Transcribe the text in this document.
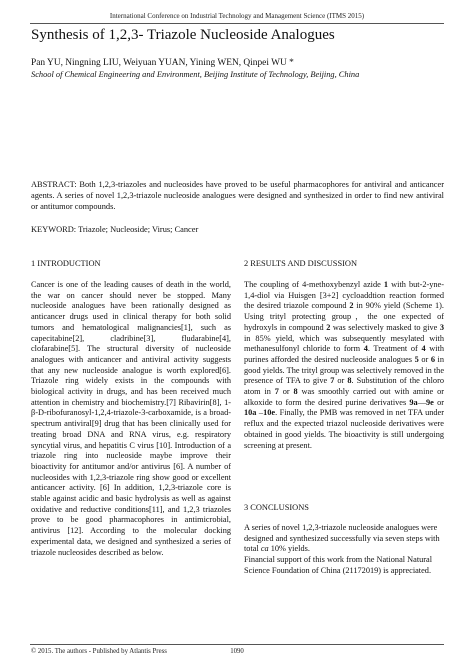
International Conference on Industrial Technology and Management Science (ITMS 2015)
Synthesis of 1,2,3- Triazole Nucleoside Analogues
Pan YU, Ningning LIU, Weiyuan YUAN, Yining WEN, Qinpei WU *
School of Chemical Engineering and Environment, Beijing Institute of Technology, Beijing, China
ABSTRACT: Both 1,2,3-triazoles and nucleosides have proved to be useful pharmacophores for antiviral and anticancer agents. A series of novel 1,2,3-triazole nucleoside analogues were designed and synthesized in order to find new antiviral or antitumor compounds.
KEYWORD: Triazole; Nucleoside; Virus; Cancer
1 INTRODUCTION	2 RESULTS AND DISCUSSION
3 CONCLUSIONS

Cancer is one of the leading causes of death in the world, the war on cancer should never be stopped. Many nucleoside analogues have been rationally designed as anticancer drugs used in clinical therapy for both solid tumors and hematological malignancies[1], such as capecitabine[2], cladribine[3], fludarabine[4], clofarabine[5]. The structural diversity of nucleoside analogues with anticancer and antiviral activity suggests that any new nucleoside analogue is worth explored[6]. Triazole ring widely exists in the compounds with biological activity in drugs, and has been received much attention in chemistry and biochemistry.[7] Ribavirin[8], 1-β-D-ribofuranosyl-1,2,4-triazole-3-carboxamide, is a broad-spectrum antiviral[9] drug that has been clinically used for treating broad DNA and RNA virus, e.g. respiratory syncytial virus, and hepatitis C virus [10]. Introduction of a triazole ring into nucleoside maybe improve their bioactivity for antitumor and/or antivirus [6]. A number of nucleosides with 1,2,3-triazole ring show good or excellent anticancer activity. [6] In addition, 1,2,3-triazole core is stable against acidic and basic hydrolysis as well as against oxidative and reductive conditions[11], and 1,2,3 triazoles prove to be good pharmacophores in antimicrobial, antivirus [12]. According to the molecular docking experimental data, we designed and synthesized a series of triazole nucleosides described as below.

The coupling of 4-methoxybenzyl azide 1 with but-2-yne-1,4-diol via Huisgen [3+2] cycloaddtion reaction formed the desired triazole compound 2 in 90% yield (Scheme 1). Using trityl protecting group，the one expected of hydroxyls in compound 2 was selectively masked to give 3 in 85% yield, which was subsequently mesylated with methanesulfonyl chloride to form 4. Treatment of 4 with purines afforded the desired nucleoside analogues 5 or 6 in good yields. The trityl group was selectively removed in the presence of TFA to give 7 or 8. Substitution of the chloro atom in 7 or 8 was smoothly carried out with amine or alkoxide to form the desired purine derivatives 9a—9e or 10a –10e. Finally, the PMB was removed in net TFA under reflux and the expected triazol nucleoside derivatives were obtained in good yields. The bioactivity is still undergoing screening at present.

A series of novel 1,2,3-triazole nucleoside analogues were designed and synthesized successfully via seven steps with total ca 10% yields.

Financial support of this work from the National Natural Science Foundation of China (21172019) is appreciated.

© 2015. The authors - Published by Atlantis Press	1090
